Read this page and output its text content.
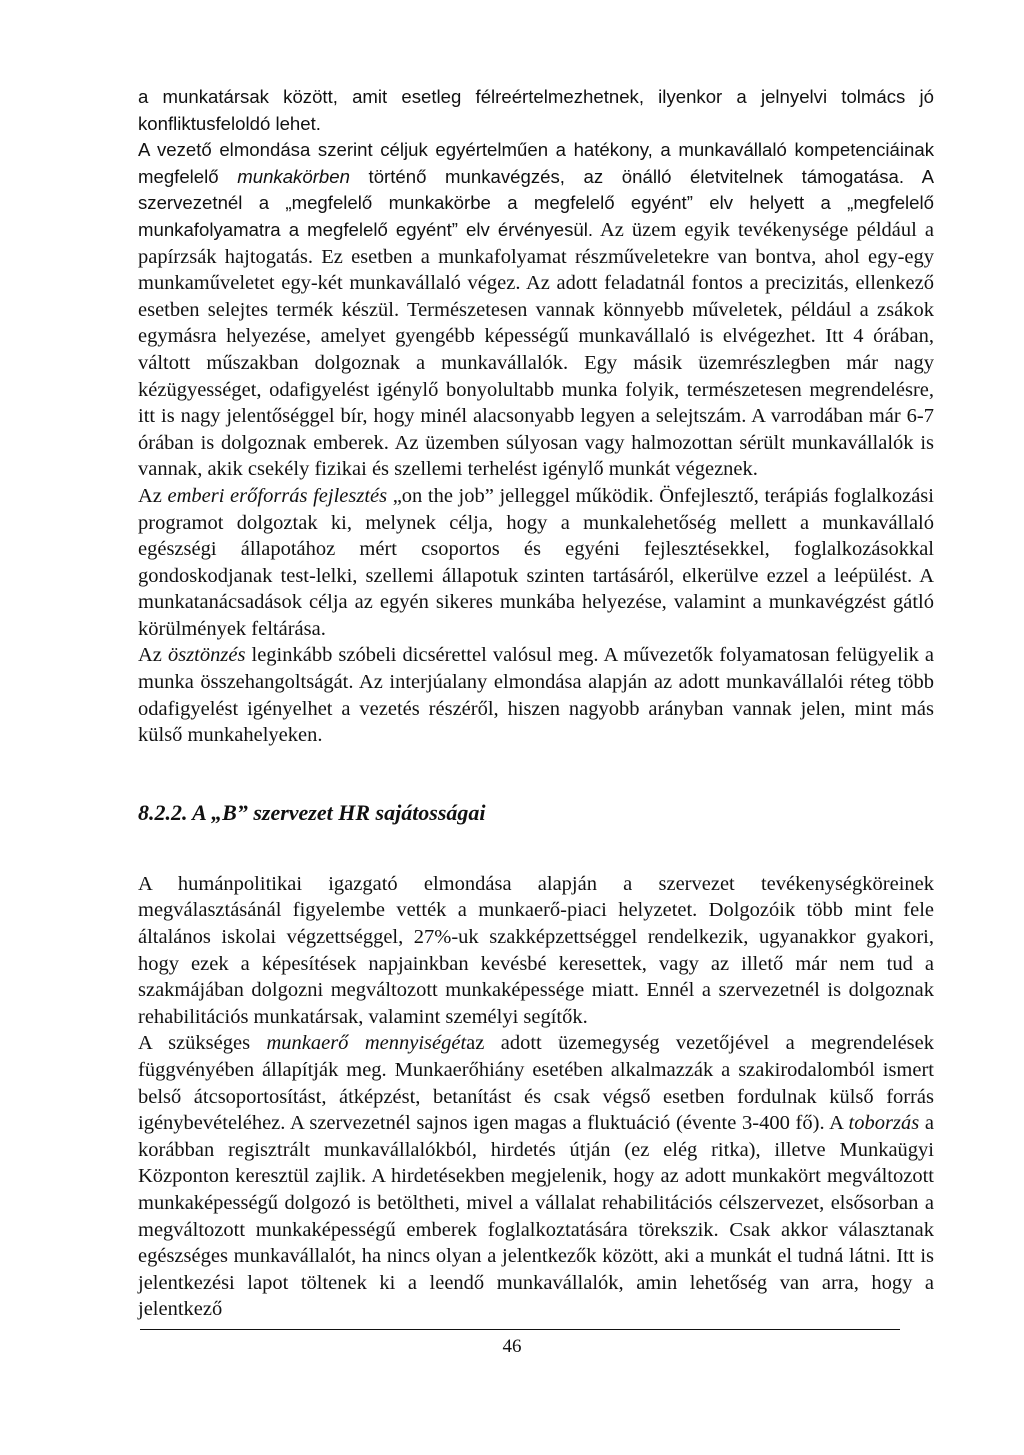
a munkatársak között, amit esetleg félreértelmezhetnek, ilyenkor a jelnyelvi tolmács jó konfliktusfeloldó lehet.

A vezető elmondása szerint céljuk egyértelműen a hatékony, a munkavállaló kompetenciáinak megfelelő munkakörben történő munkavégzés, az önálló életvitelnek támogatása. A szervezetnél a „megfelelő munkakörbe a megfelelő egyént” elv helyett a „megfelelő munkafolyamatra a megfelelő egyént” elv érvényesül. Az üzem egyik tevékenysége például a papírzsák hajtogatás. Ez esetben a munkafolyamat részműveletekre van bontva, ahol egy-egy munkaműveletet egy-két munkavállaló végez. Az adott feladatnál fontos a precizitás, ellenkező esetben selejtes termék készül. Természetesen vannak könnyebb műveletek, például a zsákok egymásra helyezése, amelyet gyengébb képességű munkavállaló is elvégezhet. Itt 4 órában, váltott műszakban dolgoznak a munkavállalók. Egy másik üzemrészlegben már nagy kézügyességet, odafigyelést igénylő bonyolultabb munka folyik, természetesen megrendelésre, itt is nagy jelentőséggel bír, hogy minél alacsonyabb legyen a selejtszám. A varrodában már 6-7 órában is dolgoznak emberek. Az üzemben súlyosan vagy halmozottan sérült munkavállalók is vannak, akik csekély fizikai és szellemi terhelést igénylő munkát végeznek.

Az emberi erőforrás fejlesztés „on the job” jelleggel működik. Önfejlesztő, terápiás foglalkozási programot dolgoztak ki, melynek célja, hogy a munkalehetőség mellett a munkavállaló egészségi állapotához mért csoportos és egyéni fejlesztésekkel, foglalkozásokkal gondoskodjanak test-lelki, szellemi állapotuk szinten tartásáról, elkerülve ezzel a leépülést. A munkatanácsadások célja az egyén sikeres munkába helyezése, valamint a munkavégzést gátló körülmények feltárása.

Az ösztönzés leginkább szóbeli dicsérettel valósul meg. A művezetők folyamatosan felügyelik a munka összehangoltságát. Az interjúalany elmondása alapján az adott munkavállalói réteg több odafigyelést igényelhet a vezetés részéről, hiszen nagyobb arányban vannak jelen, mint más külső munkahelyeken.

8.2.2. A „B” szervezet HR sajátosságai

A humánpolitikai igazgató elmondása alapján a szervezet tevékenységköreinek megválasztásánál figyelembe vették a munkaerő-piaci helyzetet. Dolgozóik több mint fele általános iskolai végzettséggel, 27%-uk szakképzettséggel rendelkezik, ugyanakkor gyakori, hogy ezek a képesítések napjainkban kevésbé keresettek, vagy az illető már nem tud a szakmájában dolgozni megváltozott munkaképessége miatt. Ennél a szervezetnél is dolgoznak rehabilitációs munkatársak, valamint személyi segítők.

A szükséges munkaerő mennyiségétaz adott üzemegység vezetőjével a megrendelések függvényében állapítják meg. Munkaerőhiány esetében alkalmazzák a szakirodalomból ismert belső átcsoportosítást, átképzést, betanítást és csak végső esetben fordulnak külső forrás igénybevételéhez. A szervezetnél sajnos igen magas a fluktuáció (évente 3-400 fő). A toborzás a korábban regisztrált munkavállalókból, hirdetés útján (ez elég ritka), illetve Munkaügyi Központon keresztül zajlik. A hirdetésekben megjelenik, hogy az adott munkakört megváltozott munkaképességű dolgozó is betöltheti, mivel a vállalat rehabilitációs célszervezet, elsősorban a megváltozott munkaképességű emberek foglalkoztatására törekszik. Csak akkor választanak egészséges munkavállalót, ha nincs olyan a jelentkezők között, aki a munkát el tudná látni. Itt is jelentkezési lapot töltenek ki a leendő munkavállalók, amin lehetőség van arra, hogy a jelentkező

46
